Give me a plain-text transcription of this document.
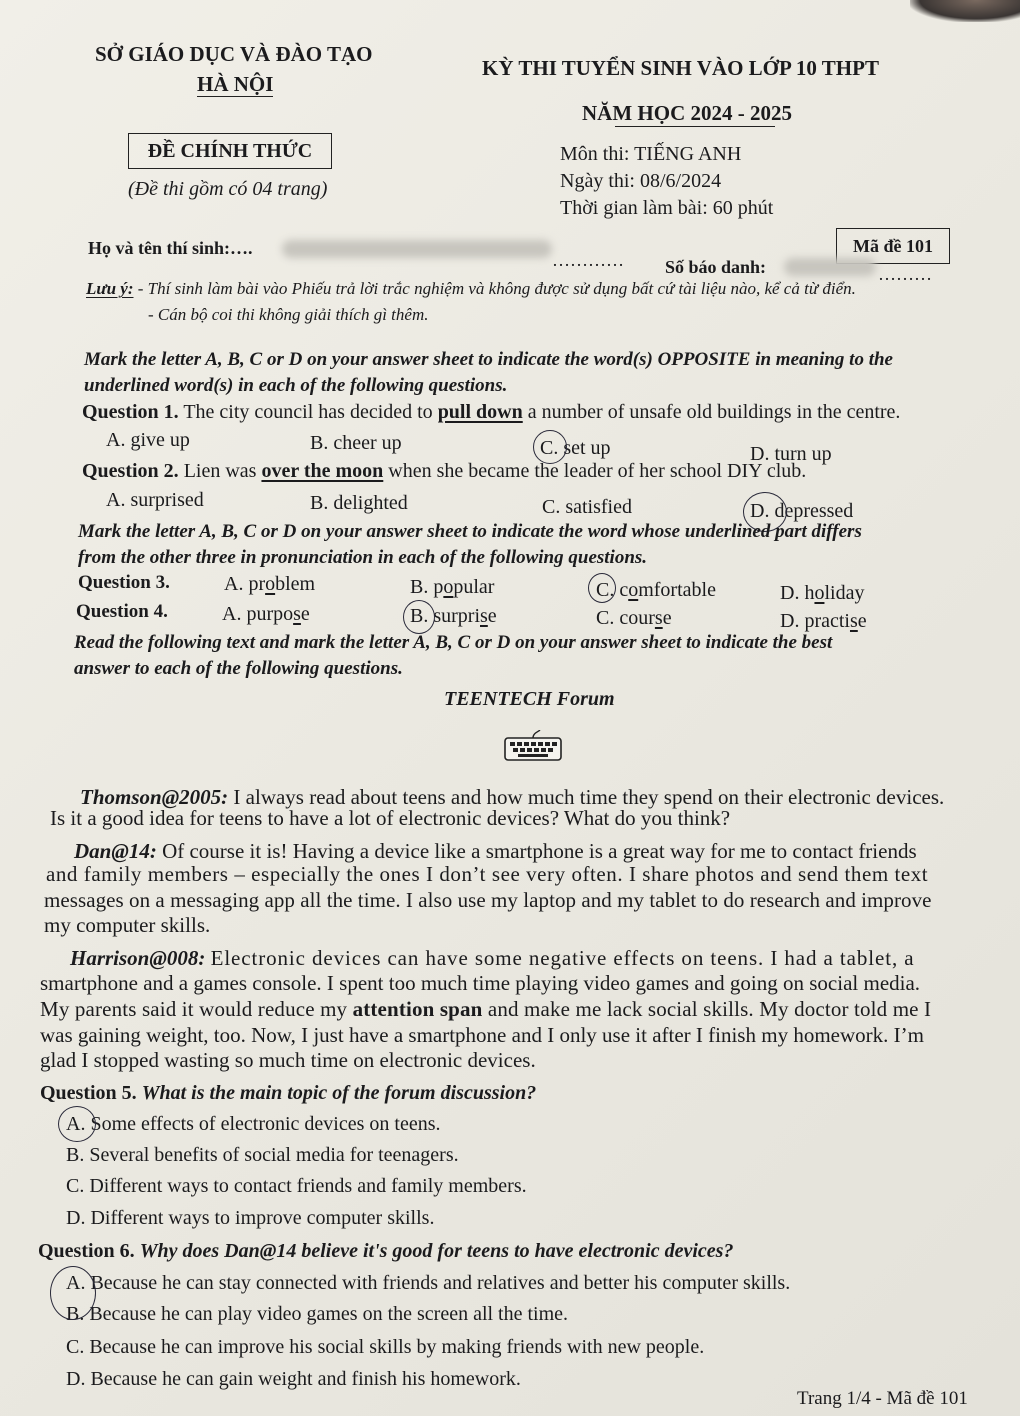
SỞ GIÁO DỤC VÀ ĐÀO TẠO
HÀ NỘI
KỲ THI TUYỂN SINH VÀO LỚP 10 THPT
NĂM HỌC 2024 - 2025
ĐỀ CHÍNH THỨC
(Đề thi gồm có 04 trang)
Môn thi: TIẾNG ANH
Ngày thi: 08/6/2024
Thời gian làm bài: 60 phút
Mã đề 101
Họ và tên thí sinh:….
………… Số báo danh:	………
Lưu ý: - Thí sinh làm bài vào Phiếu trả lời trắc nghiệm và không được sử dụng bất cứ tài liệu nào, kể cả từ điển.
- Cán bộ coi thi không giải thích gì thêm.
Mark the letter A, B, C or D on your answer sheet to indicate the word(s) OPPOSITE in meaning to the
underlined word(s) in each of the following questions.
Question 1. The city council has decided to pull down a number of unsafe old buildings in the centre.
A. give up	B. cheer up	C. set up	D. turn up
Question 2. Lien was over the moon when she became the leader of her school DIY club.
A. surprised	B. delighted	C. satisfied	D. depressed
Mark the letter A, B, C or D on your answer sheet to indicate the word whose underlined part differs
from the other three in pronunciation in each of the following questions.
Question 3.	A. problem	B. popular	C. comfortable	D. holiday
Question 4.	A. purpose	B. surprise	C. course	D. practise
Read the following text and mark the letter A, B, C or D on your answer sheet to indicate the best
answer to each of the following questions.
TEENTECH Forum
Thomson@2005: I always read about teens and how much time they spend on their electronic devices.
Is it a good idea for teens to have a lot of electronic devices? What do you think?
Dan@14: Of course it is! Having a device like a smartphone is a great way for me to contact friends
and family members – especially the ones I don’t see very often. I share photos and send them text
messages on a messaging app all the time. I also use my laptop and my tablet to do research and improve
my computer skills.
Harrison@008: Electronic devices can have some negative effects on teens. I had a tablet, a
smartphone and a games console. I spent too much time playing video games and going on social media.
My parents said it would reduce my attention span and make me lack social skills. My doctor told me I
was gaining weight, too. Now, I just have a smartphone and I only use it after I finish my homework. I’m
glad I stopped wasting so much time on electronic devices.
Question 5. What is the main topic of the forum discussion?
A. Some effects of electronic devices on teens.
B. Several benefits of social media for teenagers.
C. Different ways to contact friends and family members.
D. Different ways to improve computer skills.
Question 6. Why does Dan@14 believe it's good for teens to have electronic devices?
A. Because he can stay connected with friends and relatives and better his computer skills.
B. Because he can play video games on the screen all the time.
C. Because he can improve his social skills by making friends with new people.
D. Because he can gain weight and finish his homework.
Trang 1/4 - Mã đề 101
